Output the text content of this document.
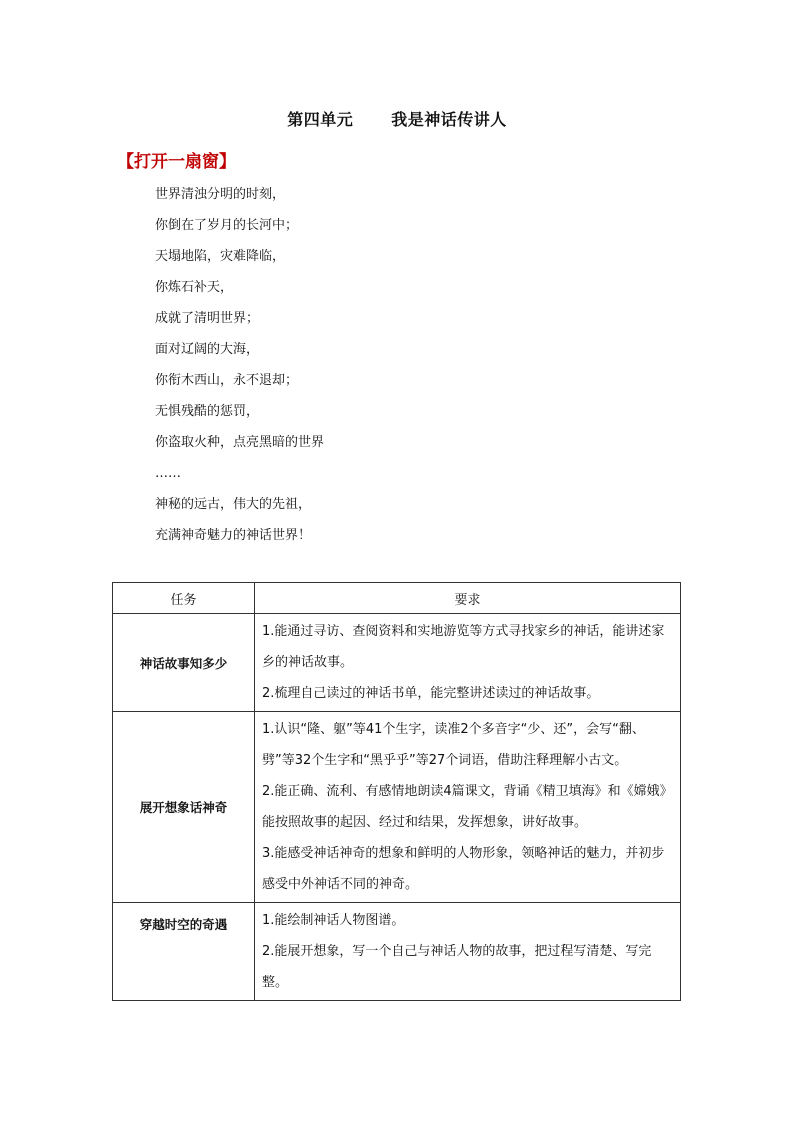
第四单元 我是神话传讲人
【打开一扇窗】
世界清浊分明的时刻，
你倒在了岁月的长河中；
天塌地陷，灾难降临，
你炼石补天，
成就了清明世界；
面对辽阔的大海，
你衔木西山，永不退却；
无惧残酷的惩罚，
你盗取火种，点亮黑暗的世界
……
神秘的远古，伟大的先祖，
充满神奇魅力的神话世界！
任务	要求
神话故事知多少	1.能通过寻访、查阅资料和实地游览等方式寻找家乡的神话，能讲述家乡的神话故事。

2.梳理自己读过的神话书单，能完整讲述读过的神话故事。

展开想象话神奇	1.认识“隆、躯”等41个生字，读准2个多音字“少、还”，会写“翻、劈”等32个生字和“黑乎乎”等27个词语，借助注释理解小古文。

2.能正确、流利、有感情地朗读4篇课文，背诵《精卫填海》和《嫦娥》 能按照故事的起因、经过和结果，发挥想象，讲好故事。

3.能感受神话神奇的想象和鲜明的人物形象，领略神话的魅力，并初步感受中外神话不同的神奇。

穿越时空的奇遇	1.能绘制神话人物图谱。

2.能展开想象，写一个自己与神话人物的故事，把过程写清楚、写完整。
